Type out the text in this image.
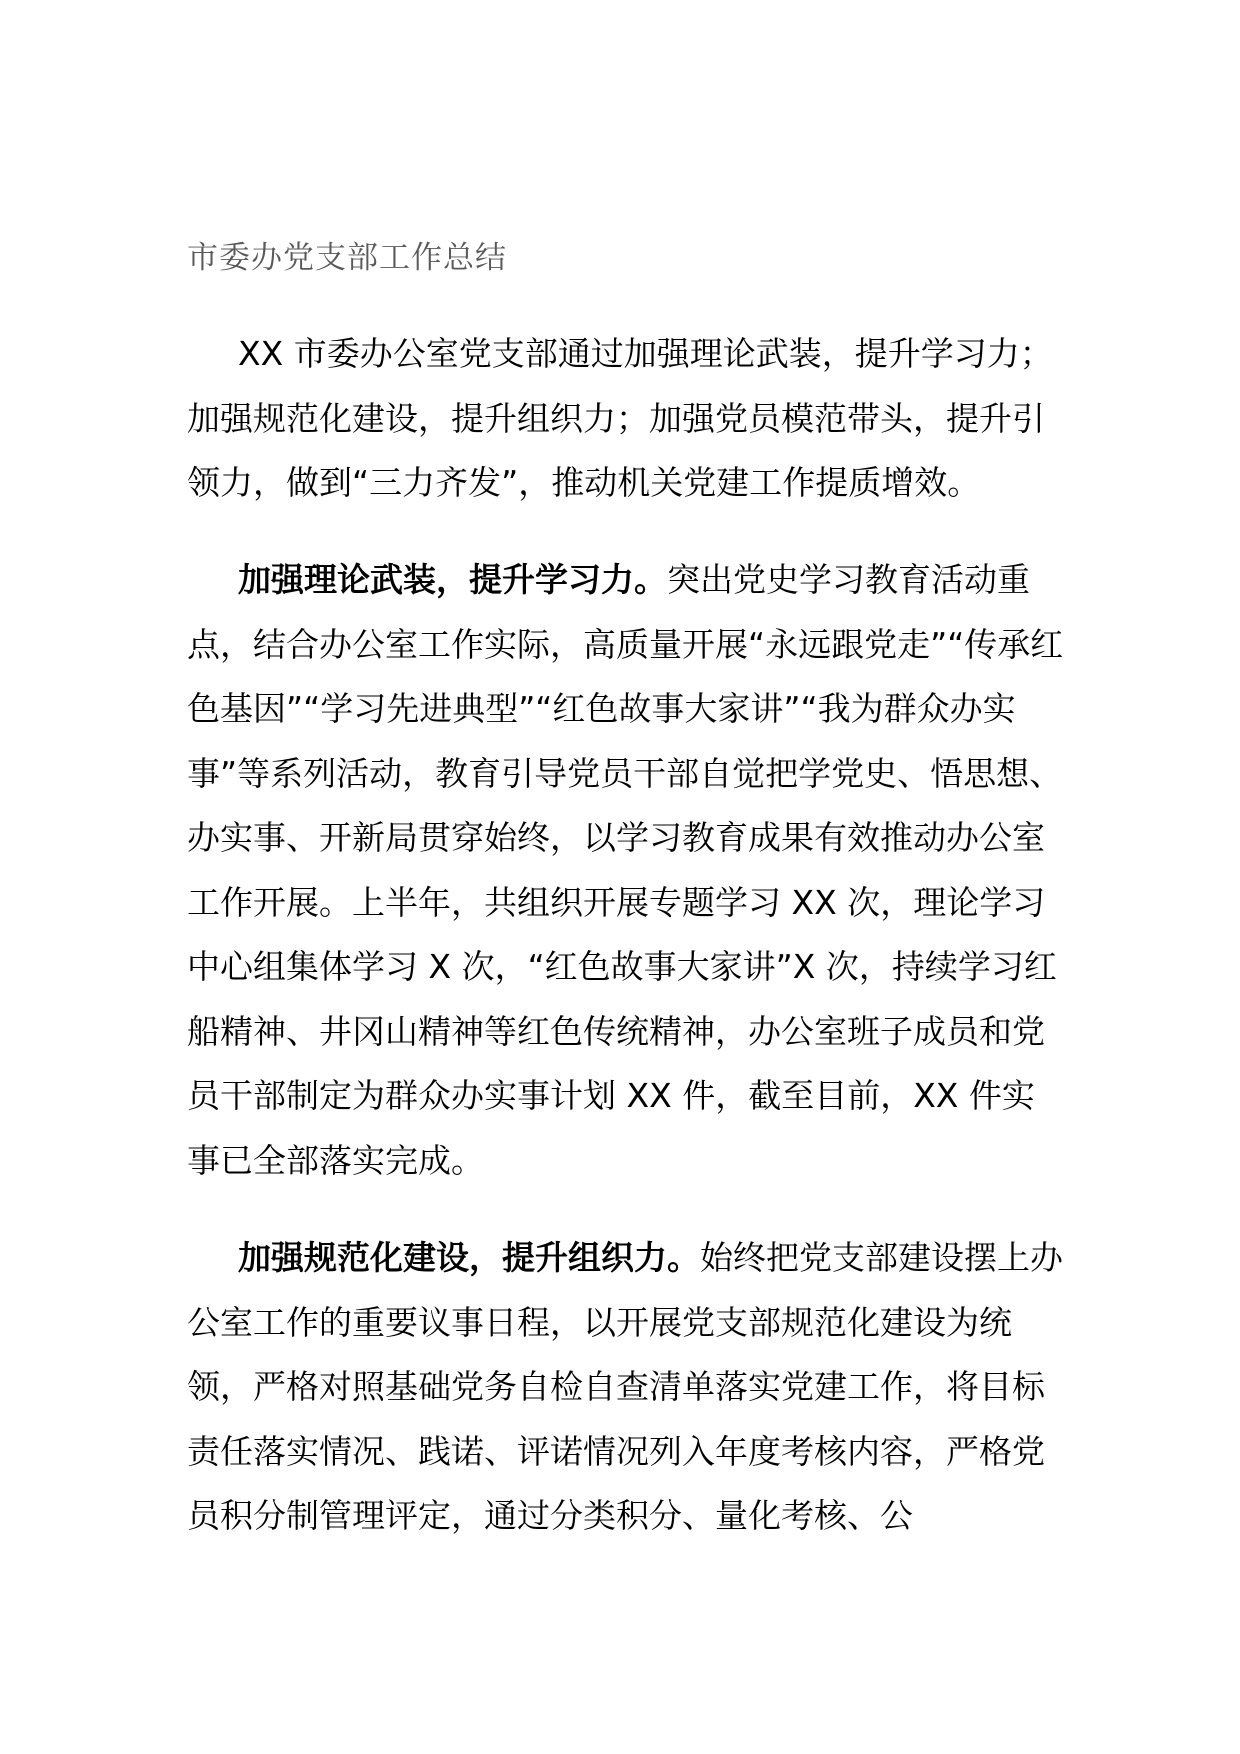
市委办党支部工作总结

XX 市委办公室党支部通过加强理论武装，提升学习力；加强规范化建设，提升组织力；加强党员模范带头，提升引领力，做到“三力齐发”，推动机关党建工作提质增效。

加强理论武装，提升学习力。突出党史学习教育活动重点，结合办公室工作实际，高质量开展“永远跟党走”“传承红色基因”“学习先进典型”“红色故事大家讲”“我为群众办实事”等系列活动，教育引导党员干部自觉把学党史、悟思想、办实事、开新局贯穿始终，以学习教育成果有效推动办公室工作开展。上半年，共组织开展专题学习 XX 次，理论学习中心组集体学习 X 次，“红色故事大家讲”X 次，持续学习红船精神、井冈山精神等红色传统精神，办公室班子成员和党员干部制定为群众办实事计划 XX 件，截至目前，XX 件实事已全部落实完成。

加强规范化建设，提升组织力。始终把党支部建设摆上办公室工作的重要议事日程，以开展党支部规范化建设为统领，严格对照基础党务自检自查清单落实党建工作，将目标责任落实情况、践诺、评诺情况列入年度考核内容，严格党员积分制管理评定，通过分类积分、量化考核、公
